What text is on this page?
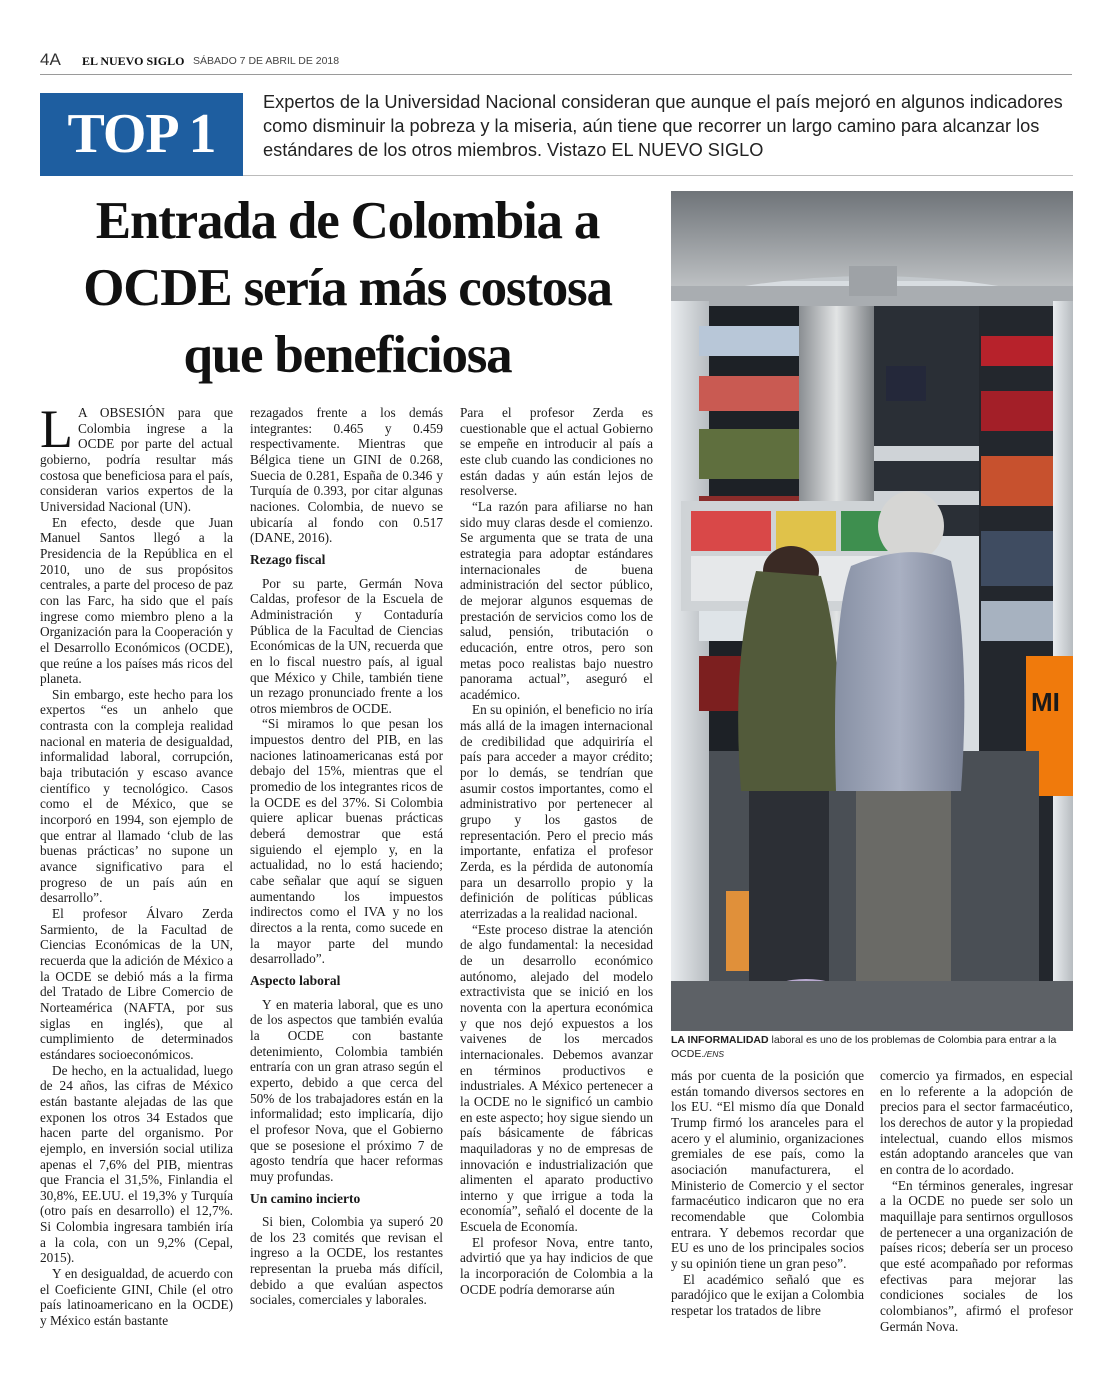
4A EL NUEVO SIGLO SÁBADO 7 DE ABRIL DE 2018
TOP 1
Expertos de la Universidad Nacional consideran que aunque el país mejoró en algunos indicadores como disminuir la pobreza y la miseria, aún tiene que recorrer un largo camino para alcanzar los estándares de los otros miembros. Vistazo EL NUEVO SIGLO
Entrada de Colombia a
OCDE sería más costosa
que beneficiosa

L A OBSESIÓN para que Colombia ingrese a la OCDE por parte del actual gobierno, podría resultar más costosa que beneficiosa para el país, consideran varios expertos de la Universidad Nacional (UN).

En efecto, desde que Juan Manuel Santos llegó a la Presidencia de la República en el 2010, uno de sus propósitos centrales, a parte del proceso de paz con las Farc, ha sido que el país ingrese como miembro pleno a la Organización para la Cooperación y el Desarrollo Económicos (OCDE), que reúne a los países más ricos del planeta.

Sin embargo, este hecho para los expertos “es un anhelo que contrasta con la compleja realidad nacional en materia de desigualdad, informalidad laboral, corrupción, baja tributación y escaso avance científico y tecnológico. Casos como el de México, que se incorporó en 1994, son ejemplo de que entrar al llamado ‘club de las buenas prácticas’ no supone un avance significativo para el progreso de un país aún en desarrollo”.

El profesor Álvaro Zerda Sarmiento, de la Facultad de Ciencias Económicas de la UN, recuerda que la adición de México a la OCDE se debió más a la firma del Tratado de Libre Comercio de Norteamérica (NAFTA, por sus siglas en inglés), que al cumplimiento de determinados estándares socioeconómicos.

De hecho, en la actualidad, luego de 24 años, las cifras de México están bastante alejadas de las que exponen los otros 34 Estados que hacen parte del organismo. Por ejemplo, en inversión social utiliza apenas el 7,6% del PIB, mientras que Francia el 31,5%, Finlandia el 30,8%, EE.UU. el 19,3% y Turquía (otro país en desarrollo) el 12,7%. Si Colombia ingresara también iría a la cola, con un 9,2% (Cepal, 2015).

Y en desigualdad, de acuerdo con el Coeficiente GINI, Chile (el otro país latinoamericano en la OCDE) y México están bastante

rezagados frente a los demás integrantes: 0.465 y 0.459 respectivamente. Mientras que Bélgica tiene un GINI de 0.268, Suecia de 0.281, España de 0.346 y Turquía de 0.393, por citar algunas naciones. Colombia, de nuevo se ubicaría al fondo con 0.517 (DANE, 2016).

Rezago fiscal

Por su parte, Germán Nova Caldas, profesor de la Escuela de Administración y Contaduría Pública de la Facultad de Ciencias Económicas de la UN, recuerda que en lo fiscal nuestro país, al igual que México y Chile, también tiene un rezago pronunciado frente a los otros miembros de OCDE.

“Si miramos lo que pesan los impuestos dentro del PIB, en las naciones latinoamericanas está por debajo del 15%, mientras que el promedio de los integrantes ricos de la OCDE es del 37%. Si Colombia quiere aplicar buenas prácticas deberá demostrar que está siguiendo el ejemplo y, en la actualidad, no lo está haciendo; cabe señalar que aquí se siguen aumentando los impuestos indirectos como el IVA y no los directos a la renta, como sucede en la mayor parte del mundo desarrollado”.

Aspecto laboral

Y en materia laboral, que es uno de los aspectos que también evalúa la OCDE con bastante detenimiento, Colombia también entraría con un gran atraso según el experto, debido a que cerca del 50% de los trabajadores están en la informalidad; esto implicaría, dijo el profesor Nova, que el Gobierno que se posesione el próximo 7 de agosto tendría que hacer reformas muy profundas.

Un camino incierto

Si bien, Colombia ya superó 20 de los 23 comités que revisan el ingreso a la OCDE, los restantes representan la prueba más difícil, debido a que evalúan aspectos sociales, comerciales y laborales.

Para el profesor Zerda es cuestionable que el actual Gobierno se empeñe en introducir al país a este club cuando las condiciones no están dadas y aún están lejos de resolverse.

“La razón para afiliarse no han sido muy claras desde el comienzo. Se argumenta que se trata de una estrategia para adoptar estándares internacionales de buena administración del sector público, de mejorar algunos esquemas de prestación de servicios como los de salud, pensión, tributación o educación, entre otros, pero son metas poco realistas bajo nuestro panorama actual”, aseguró el académico.

En su opinión, el beneficio no iría más allá de la imagen internacional de credibilidad que adquiriría el país para acceder a mayor crédito; por lo demás, se tendrían que asumir costos importantes, como el administrativo por pertenecer al grupo y los gastos de representación. Pero el precio más importante, enfatiza el profesor Zerda, es la pérdida de autonomía para un desarrollo propio y la definición de políticas públicas aterrizadas a la realidad nacional.

“Este proceso distrae la atención de algo fundamental: la necesidad de un desarrollo económico autónomo, alejado del modelo extractivista que se inició en los noventa con la apertura económica y que nos dejó expuestos a los vaivenes de los mercados internacionales. Debemos avanzar en términos productivos e industriales. A México pertenecer a la OCDE no le significó un cambio en este aspecto; hoy sigue siendo un país básicamente de fábricas maquiladoras y no de empresas de innovación e industrialización que alimenten el aparato productivo interno y que irrigue a toda la economía”, señaló el docente de la Escuela de Economía.

El profesor Nova, entre tanto, advirtió que ya hay indicios de que la incorporación de Colombia a la OCDE podría demorarse aún

MI
LA INFORMALIDAD laboral es uno de los problemas de Colombia para entrar a la OCDE./ENS

más por cuenta de la posición que están tomando diversos sectores en los EU. “El mismo día que Donald Trump firmó los aranceles para el acero y el aluminio, organizaciones gremiales de ese país, como la asociación manufacturera, el Ministerio de Comercio y el sector farmacéutico indicaron que no era recomendable que Colombia entrara. Y debemos recordar que EU es uno de los principales socios y su opinión tiene un gran peso”.

El académico señaló que es paradójico que le exijan a Colombia respetar los tratados de libre

comercio ya firmados, en especial en lo referente a la adopción de precios para el sector farmacéutico, los derechos de autor y la propiedad intelectual, cuando ellos mismos están adoptando aranceles que van en contra de lo acordado.

“En términos generales, ingresar a la OCDE no puede ser solo un maquillaje para sentirnos orgullosos de pertenecer a una organización de países ricos; debería ser un proceso que esté acompañado por reformas efectivas para mejorar las condiciones sociales de los colombianos”, afirmó el profesor Germán Nova.
